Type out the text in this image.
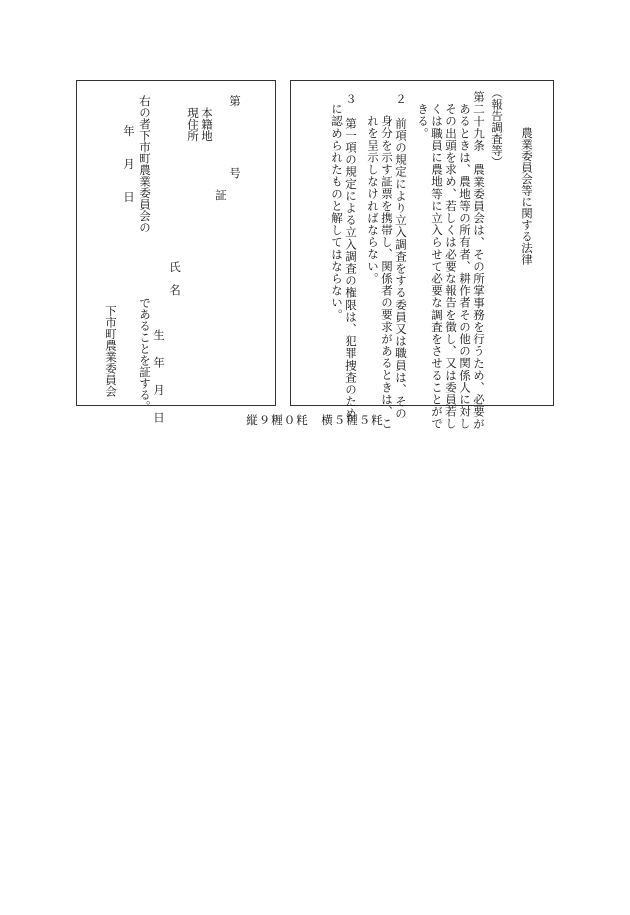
第
号
証
本籍地
現住所
氏　名
生 年 月 日
右の者下市町農業委員会の
であることを証する。
年　月　日
下市町農業委員会
農業委員会等に関する法律
（報告調査等）
第二十九条　農業委員会は、その所掌事務を行うため、必要が
あるときは、農地等の所有者、耕作者その他の関係人に対し
その出頭を求め、若しくは必要な報告を徴し、又は委員若し
くは職員に農地等に立入らせて必要な調査をさせることがで
きる。
２　前項の規定により立入調査をする委員又は職員は、その
身分を示す証票を携帯し、関係者の要求があるときは、こ
れを呈示しなければならない。
３　第一項の規定による立入調査の権限は、犯罪捜査のため
に認められたものと解してはならない。
縦９糎０粍　横５糎５粍
